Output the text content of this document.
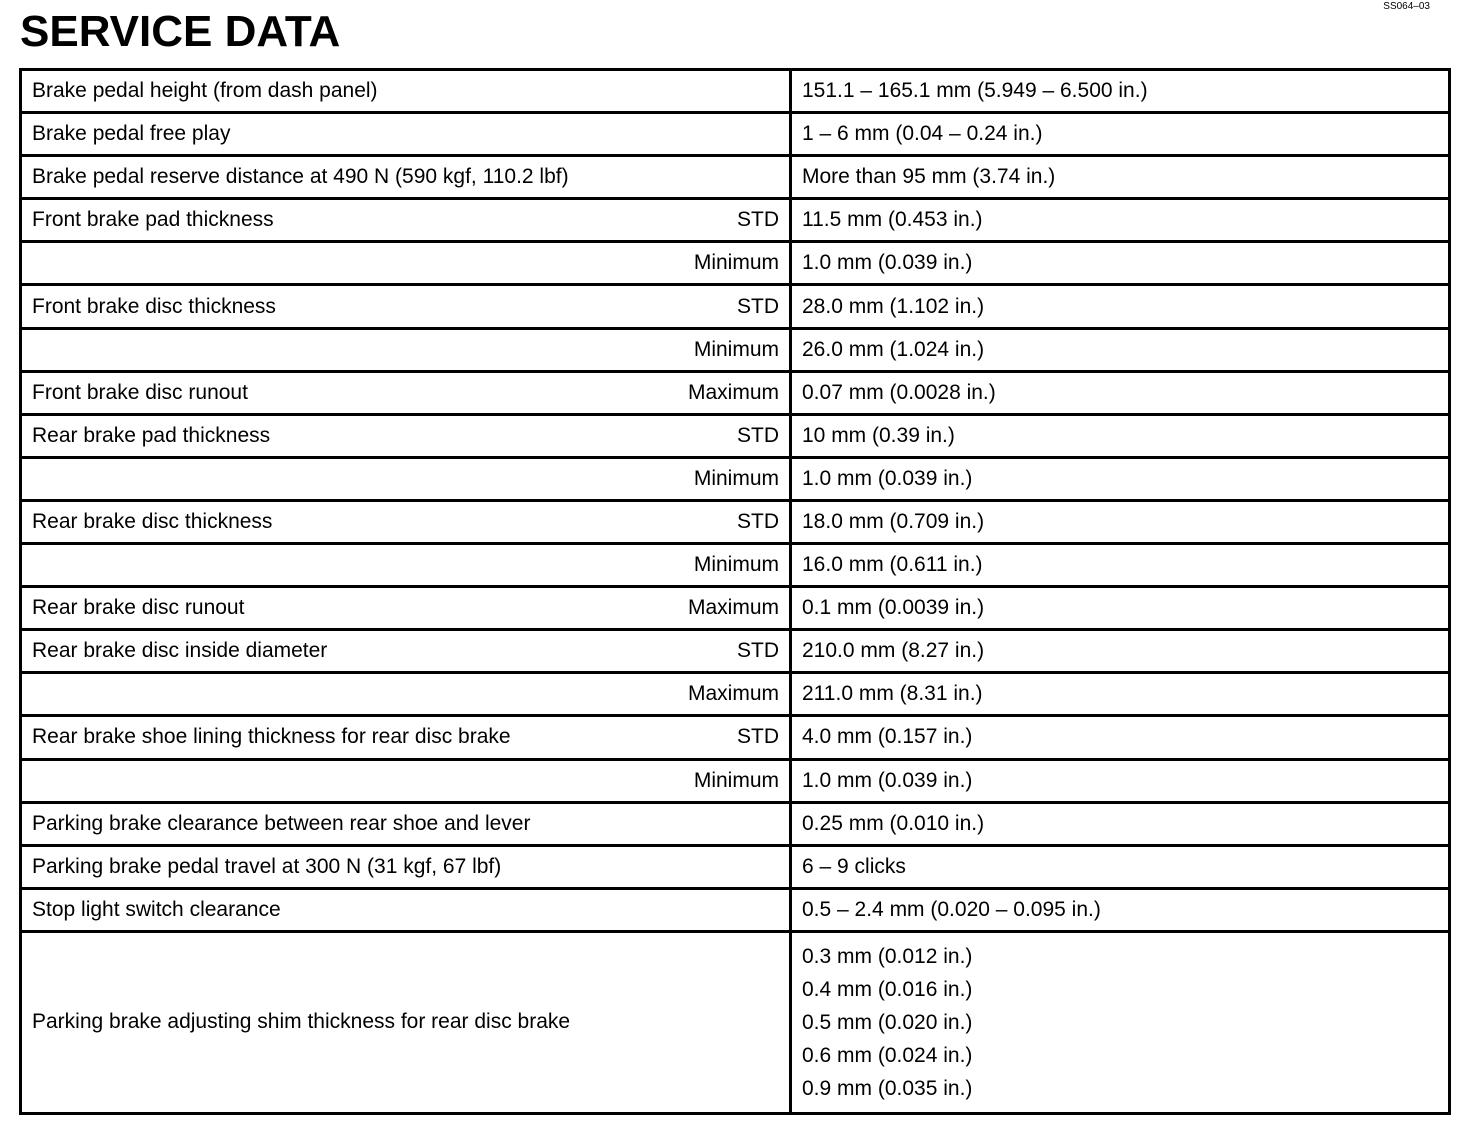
SERVICE DATA
SS064–03
Brake pedal height (from dash panel)	151.1 – 165.1 mm (5.949 – 6.500 in.)

Brake pedal free play	1 – 6 mm (0.04 – 0.24 in.)

Brake pedal reserve distance at 490 N (590 kgf, 110.2 lbf)	More than 95 mm (3.74 in.)

Front brake pad thickness STD	11.5 mm (0.453 in.)

Minimum	1.0 mm (0.039 in.)

Front brake disc thickness STD	28.0 mm (1.102 in.)

Minimum	26.0 mm (1.024 in.)

Front brake disc runout Maximum	0.07 mm (0.0028 in.)

Rear brake pad thickness STD	10 mm (0.39 in.)

Minimum	1.0 mm (0.039 in.)

Rear brake disc thickness STD	18.0 mm (0.709 in.)

Minimum	16.0 mm (0.611 in.)

Rear brake disc runout Maximum	0.1 mm (0.0039 in.)

Rear brake disc inside diameter STD	210.0 mm (8.27 in.)

Maximum	211.0 mm (8.31 in.)

Rear brake shoe lining thickness for rear disc brake STD	4.0 mm (0.157 in.)

Minimum	1.0 mm (0.039 in.)

Parking brake clearance between rear shoe and lever	0.25 mm (0.010 in.)

Parking brake pedal travel at 300 N (31 kgf, 67 lbf)	6 – 9 clicks

Stop light switch clearance	0.5 – 2.4 mm (0.020 – 0.095 in.)

Parking brake adjusting shim thickness for rear disc brake	0.3 mm (0.012 in.)
0.4 mm (0.016 in.)
0.5 mm (0.020 in.)
0.6 mm (0.024 in.)
0.9 mm (0.035 in.)
